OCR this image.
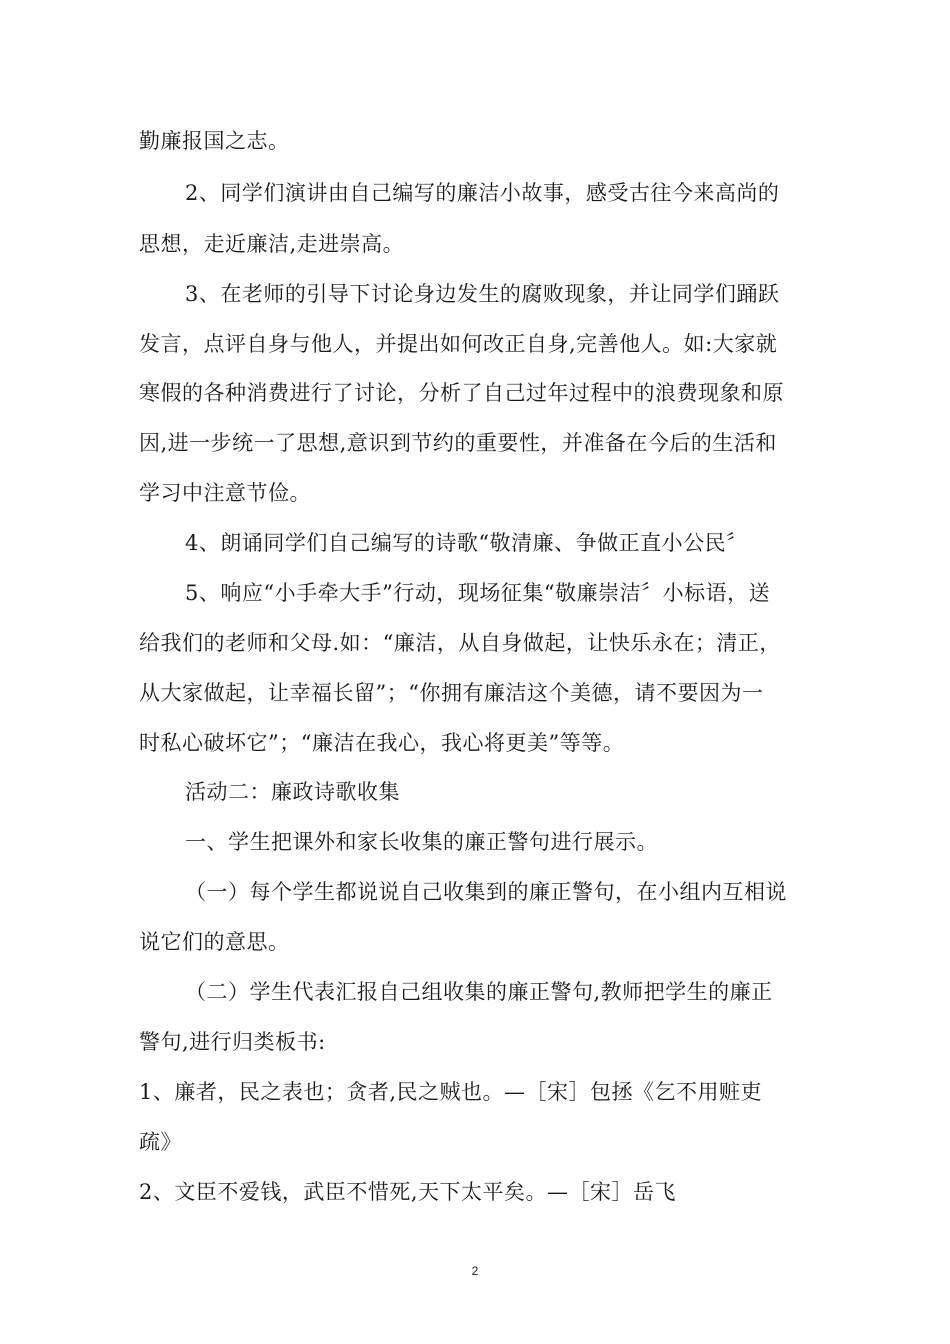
勤廉报国之志。
2、同学们演讲由自己编写的廉洁小故事，感受古往今来高尚的
思想，走近廉洁,走进崇高。
3、在老师的引导下讨论身边发生的腐败现象，并让同学们踊跃
发言，点评自身与他人，并提出如何改正自身,完善他人。如:大家就
寒假的各种消费进行了讨论，分析了自己过年过程中的浪费现象和原
因,进一步统一了思想,意识到节约的重要性，并准备在今后的生活和
学习中注意节俭。
4、朗诵同学们自己编写的诗歌“敬清廉、争做正直小公民〞
5、响应“小手牵大手”行动，现场征集“敬廉崇洁〞小标语，送
给我们的老师和父母.如：“廉洁，从自身做起，让快乐永在；清正，
从大家做起，让幸福长留”；“你拥有廉洁这个美德，请不要因为一
时私心破坏它”；“廉洁在我心，我心将更美”等等。
活动二：廉政诗歌收集
一、学生把课外和家长收集的廉正警句进行展示。
（一）每个学生都说说自己收集到的廉正警句，在小组内互相说
说它们的意思。
（二）学生代表汇报自己组收集的廉正警句,教师把学生的廉正
警句,进行归类板书:
1、廉者，民之表也；贪者,民之贼也。—［宋］包拯《乞不用赃吏
疏》
2、文臣不爱钱，武臣不惜死,天下太平矣。—［宋］岳飞
2
